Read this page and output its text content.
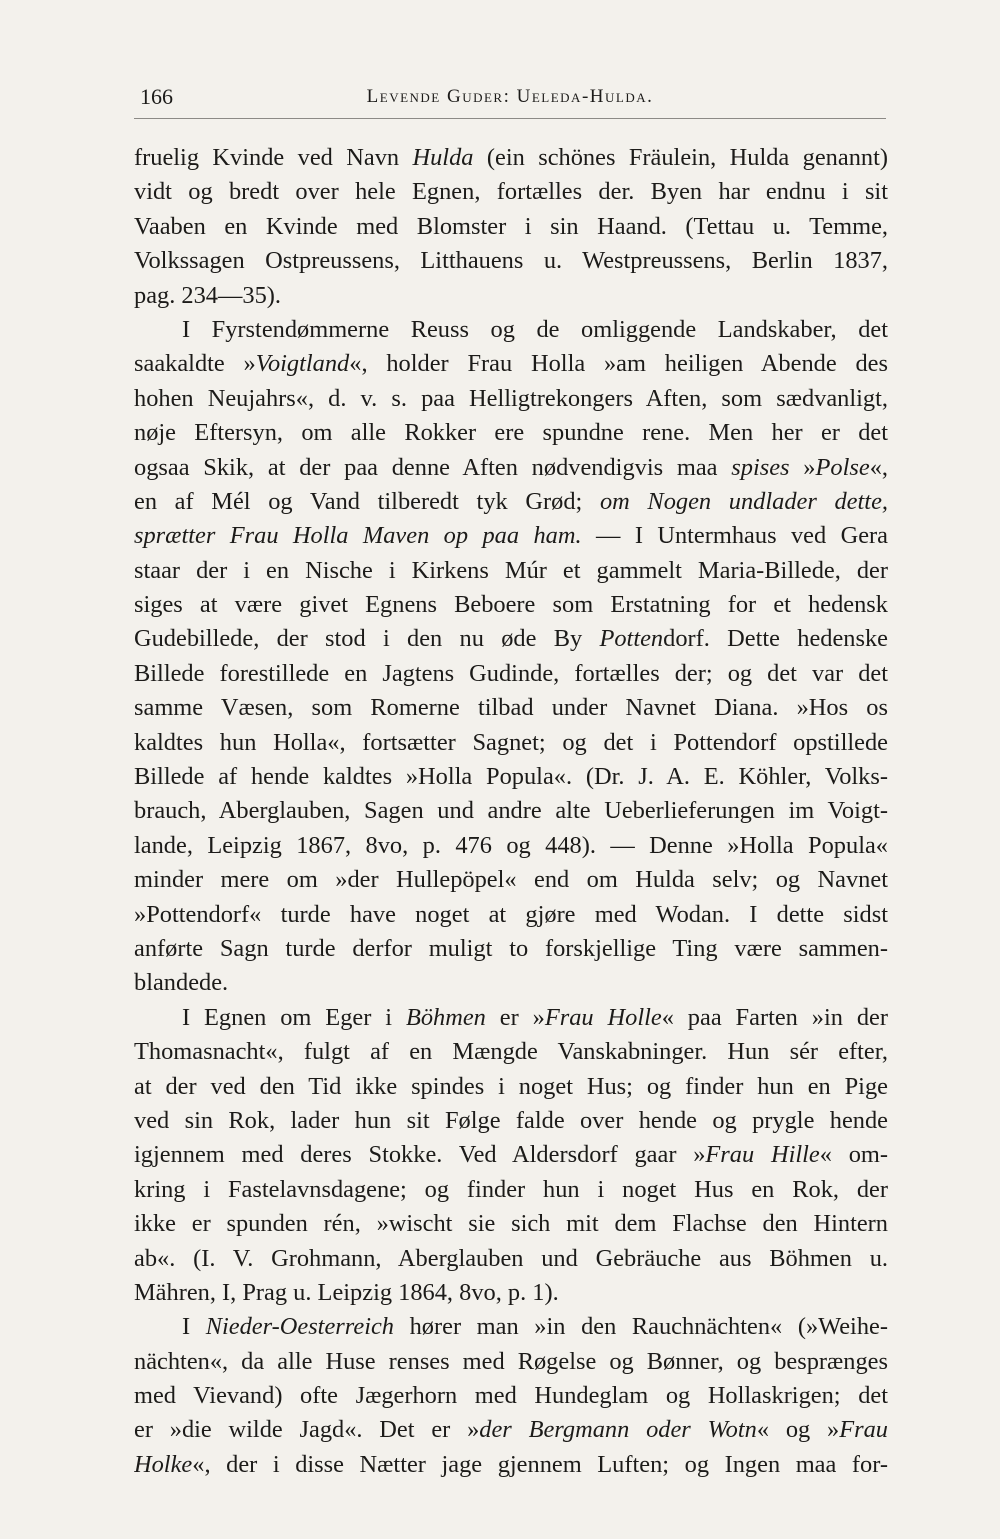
166	Levende Guder: Ueleda-Hulda.
fruelig Kvinde ved Navn Hulda (ein schönes Fräulein, Hulda genannt)
vidt og bredt over hele Egnen, fortælles der. Byen har endnu i sit
Vaaben en Kvinde med Blomster i sin Haand. (Tettau u. Temme,
Volkssagen Ostpreussens, Litthauens u. Westpreussens, Berlin 1837,
pag. 234—35).
I Fyrstendømmerne Reuss og de omliggende Landskaber, det
saakaldte »Voigtland«, holder Frau Holla »am heiligen Abende des
hohen Neujahrs«, d. v. s. paa Helligtrekongers Aften, som sædvanligt,
nøje Eftersyn, om alle Rokker ere spundne rene. Men her er det
ogsaa Skik, at der paa denne Aften nødvendigvis maa spises »Polse«,
en af Mél og Vand tilberedt tyk Grød; om Nogen undlader dette,
sprætter Frau Holla Maven op paa ham. — I Untermhaus ved Gera
staar der i en Nische i Kirkens Múr et gammelt Maria-Billede, der
siges at være givet Egnens Beboere som Erstatning for et hedensk
Gudebillede, der stod i den nu øde By Pottendorf. Dette hedenske
Billede forestillede en Jagtens Gudinde, fortælles der; og det var det
samme Væsen, som Romerne tilbad under Navnet Diana. »Hos os
kaldtes hun Holla«, fortsætter Sagnet; og det i Pottendorf opstillede
Billede af hende kaldtes »Holla Popula«. (Dr. J. A. E. Köhler, Volks-
brauch, Aberglauben, Sagen und andre alte Ueberlieferungen im Voigt-
lande, Leipzig 1867, 8vo, p. 476 og 448). — Denne »Holla Popula«
minder mere om »der Hullepöpel« end om Hulda selv; og Navnet
»Pottendorf« turde have noget at gjøre med Wodan. I dette sidst
anførte Sagn turde derfor muligt to forskjellige Ting være sammen-
blandede.
I Egnen om Eger i Böhmen er »Frau Holle« paa Farten »in der
Thomasnacht«, fulgt af en Mængde Vanskabninger. Hun sér efter,
at der ved den Tid ikke spindes i noget Hus; og finder hun en Pige
ved sin Rok, lader hun sit Følge falde over hende og prygle hende
igjennem med deres Stokke. Ved Aldersdorf gaar »Frau Hille« om-
kring i Fastelavnsdagene; og finder hun i noget Hus en Rok, der
ikke er spunden rén, »wischt sie sich mit dem Flachse den Hintern
ab«. (I. V. Grohmann, Aberglauben und Gebräuche aus Böhmen u.
Mähren, I, Prag u. Leipzig 1864, 8vo, p. 1).
I Nieder-Oesterreich hører man »in den Rauchnächten« (»Weihe-
nächten«, da alle Huse renses med Røgelse og Bønner, og besprænges
med Vievand) ofte Jægerhorn med Hundeglam og Hollaskrigen; det
er »die wilde Jagd«. Det er »der Bergmann oder Wotn« og »Frau
Holke«, der i disse Nætter jage gjennem Luften; og Ingen maa for-
